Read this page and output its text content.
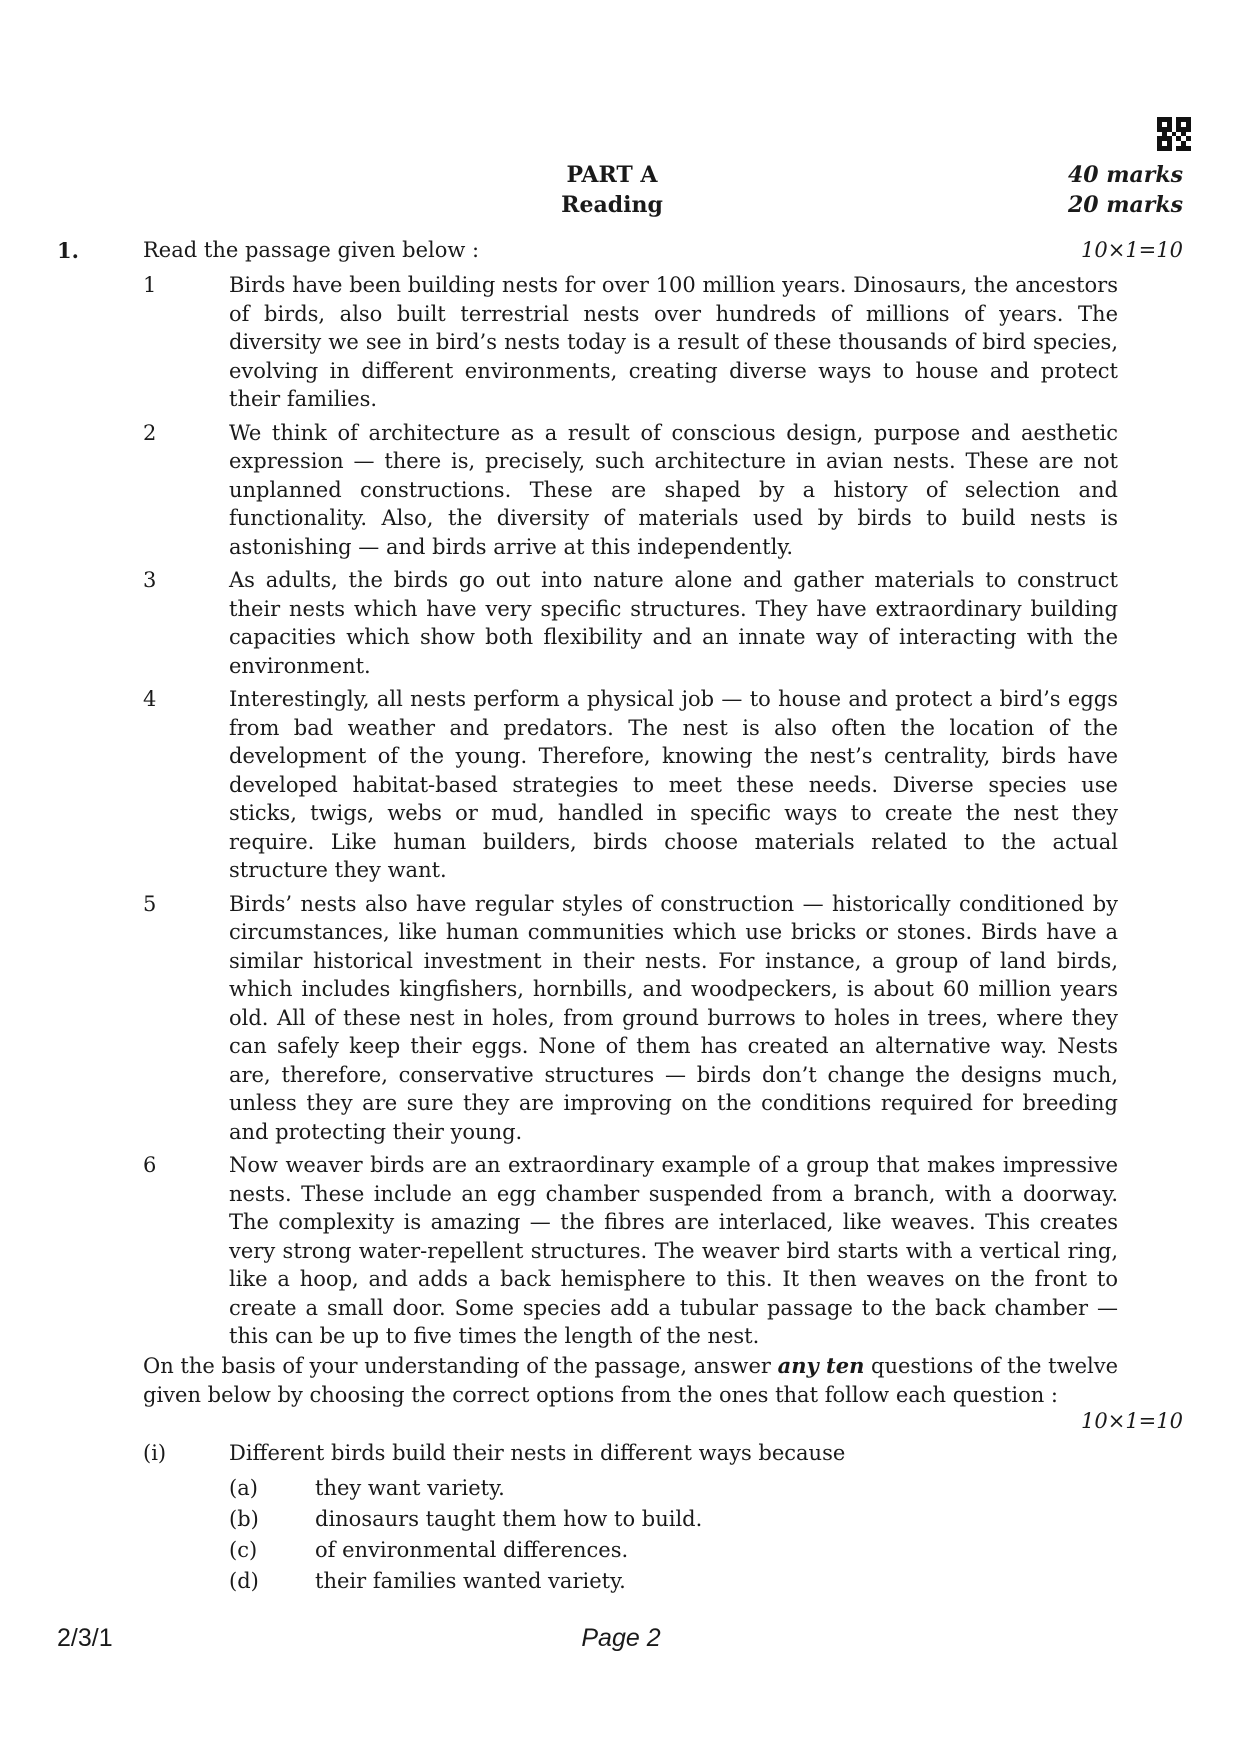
PART A	40 marks
Reading	20 marks
1.	Read the passage given below :	10×1=10
1	Birds have been building nests for over 100 million years. Dinosaurs, the ancestors of birds, also built terrestrial nests over hundreds of millions of years. The diversity we see in bird’s nests today is a result of these thousands of bird species, evolving in different environments, creating diverse ways to house and protect their families.

2	We think of architecture as a result of conscious design, purpose and aesthetic expression — there is, precisely, such architecture in avian nests. These are not unplanned constructions. These are shaped by a history of selection and functionality. Also, the diversity of materials used by birds to build nests is astonishing — and birds arrive at this independently.

3	As adults, the birds go out into nature alone and gather materials to construct their nests which have very specific structures. They have extraordinary building capacities which show both flexibility and an innate way of interacting with the environment.

4	Interestingly, all nests perform a physical job — to house and protect a bird’s eggs from bad weather and predators. The nest is also often the location of the development of the young. Therefore, knowing the nest’s centrality, birds have developed habitat-based strategies to meet these needs. Diverse species use sticks, twigs, webs or mud, handled in specific ways to create the nest they require. Like human builders, birds choose materials related to the actual structure they want.

5	Birds’ nests also have regular styles of construction — historically conditioned by circumstances, like human communities which use bricks or stones. Birds have a similar historical investment in their nests. For instance, a group of land birds, which includes kingfishers, hornbills, and woodpeckers, is about 60 million years old. All of these nest in holes, from ground burrows to holes in trees, where they can safely keep their eggs. None of them has created an alternative way. Nests are, therefore, conservative structures — birds don’t change the designs much, unless they are sure they are improving on the conditions required for breeding and protecting their young.

6	Now weaver birds are an extraordinary example of a group that makes impressive nests. These include an egg chamber suspended from a branch, with a doorway. The complexity is amazing — the fibres are interlaced, like weaves. This creates very strong water-repellent structures. The weaver bird starts with a vertical ring, like a hoop, and adds a back hemisphere to this. It then weaves on the front to create a small door. Some species add a tubular passage to the back chamber — this can be up to five times the length of the nest.

On the basis of your understanding of the passage, answer any ten questions of the twelve given below by choosing the correct options from the ones that follow each question :
10×1=10
(i)	Different birds build their nests in different ways because
(a)	they want variety.
(b)	dinosaurs taught them how to build.
(c)	of environmental differences.
(d)	their families wanted variety.
2/3/1	Page 2
